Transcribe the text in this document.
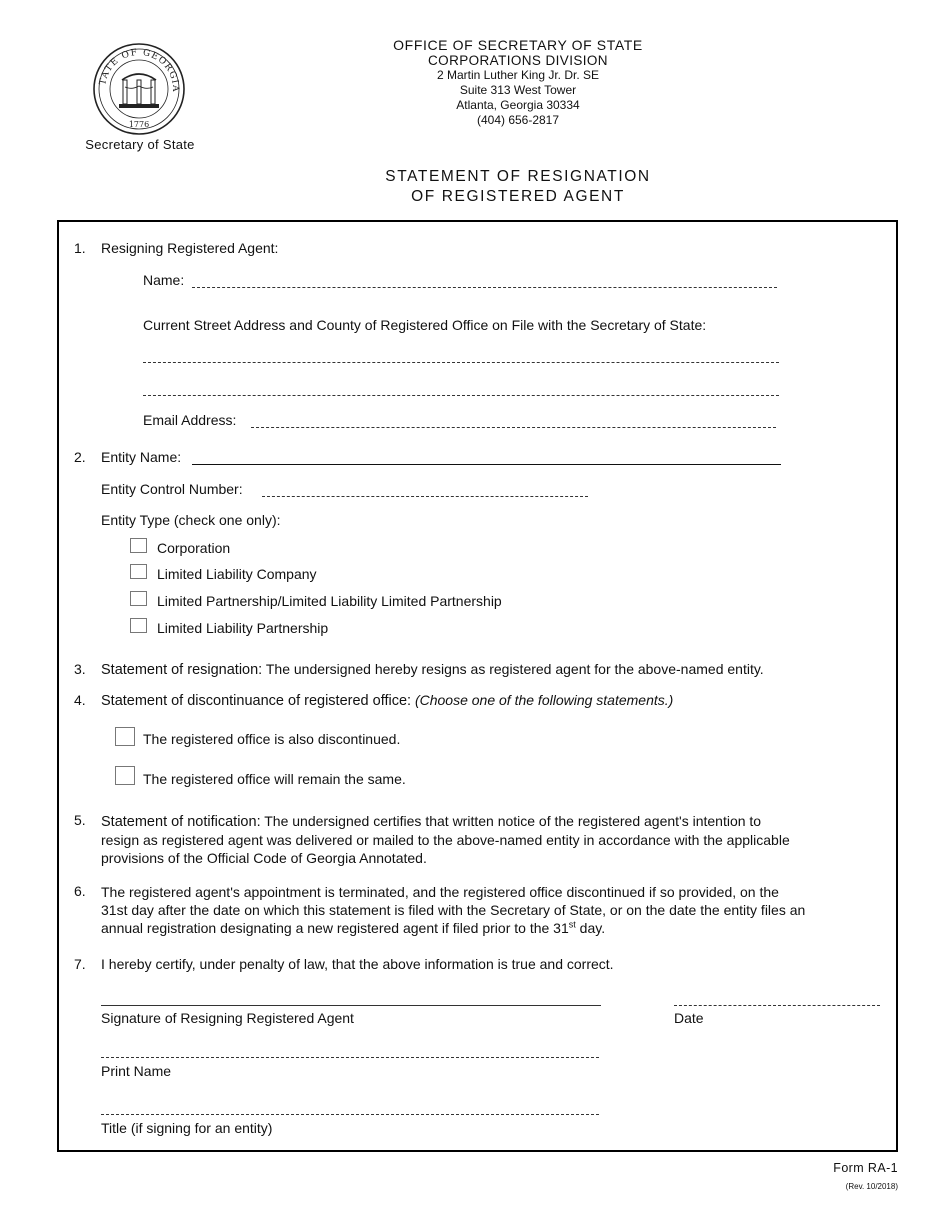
TATE OF GEORGIA
1776
Secretary of State
OFFICE OF SECRETARY OF STATE
CORPORATIONS DIVISION
2 Martin Luther King Jr. Dr. SE
Suite 313 West Tower
Atlanta, Georgia 30334
(404) 656-2817
STATEMENT OF RESIGNATION
OF REGISTERED AGENT
1. Resigning Registered Agent:
Name:
Current Street Address and County of Registered Office on File with the Secretary of State:
Email Address:
2. Entity Name:
Entity Control Number:
Entity Type (check one only):
Corporation
Limited Liability Company
Limited Partnership/Limited Liability Limited Partnership
Limited Liability Partnership
3. Statement of resignation: The undersigned hereby resigns as registered agent for the above-named entity.
4. Statement of discontinuance of registered office: (Choose one of the following statements.)
The registered office is also discontinued.
The registered office will remain the same.
5. Statement of notification: The undersigned certifies that written notice of the registered agent's intention to
resign as registered agent was delivered or mailed to the above-named entity in accordance with the applicable
provisions of the Official Code of Georgia Annotated.
6. The registered agent's appointment is terminated, and the registered office discontinued if so provided, on the
31st day after the date on which this statement is filed with the Secretary of State, or on the date the entity files an
annual registration designating a new registered agent if filed prior to the 31st day.
7. I hereby certify, under penalty of law, that the above information is true and correct.
Signature of Resigning Registered Agent	Date
Print Name
Title (if signing for an entity)
Form RA-1
(Rev. 10/2018)
